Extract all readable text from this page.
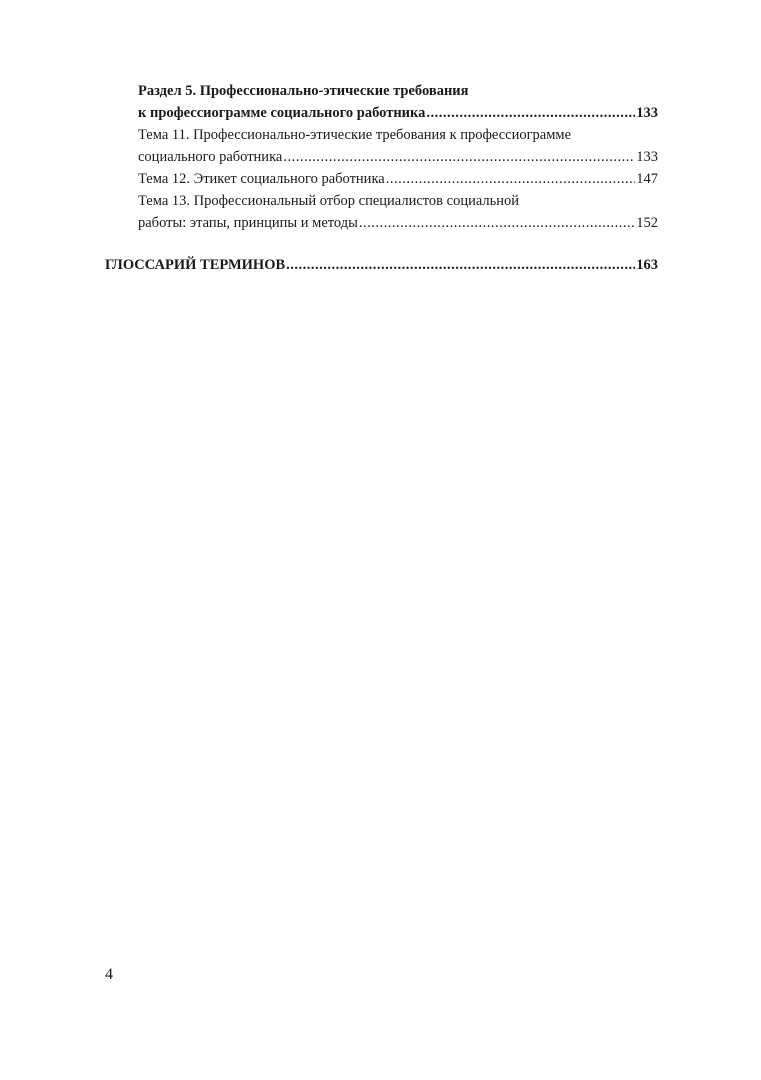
Раздел 5. Профессионально-этические требования
к профессиограмме социального работника .....	133
Тема 11. Профессионально-этические требования к профессиограмме
социального работника .....	133
Тема 12. Этикет социального работника .....	147
Тема 13. Профессиональный отбор специалистов социальной
работы: этапы, принципы и методы .....	152
ГЛОССАРИЙ ТЕРМИНОВ .....	163
4
